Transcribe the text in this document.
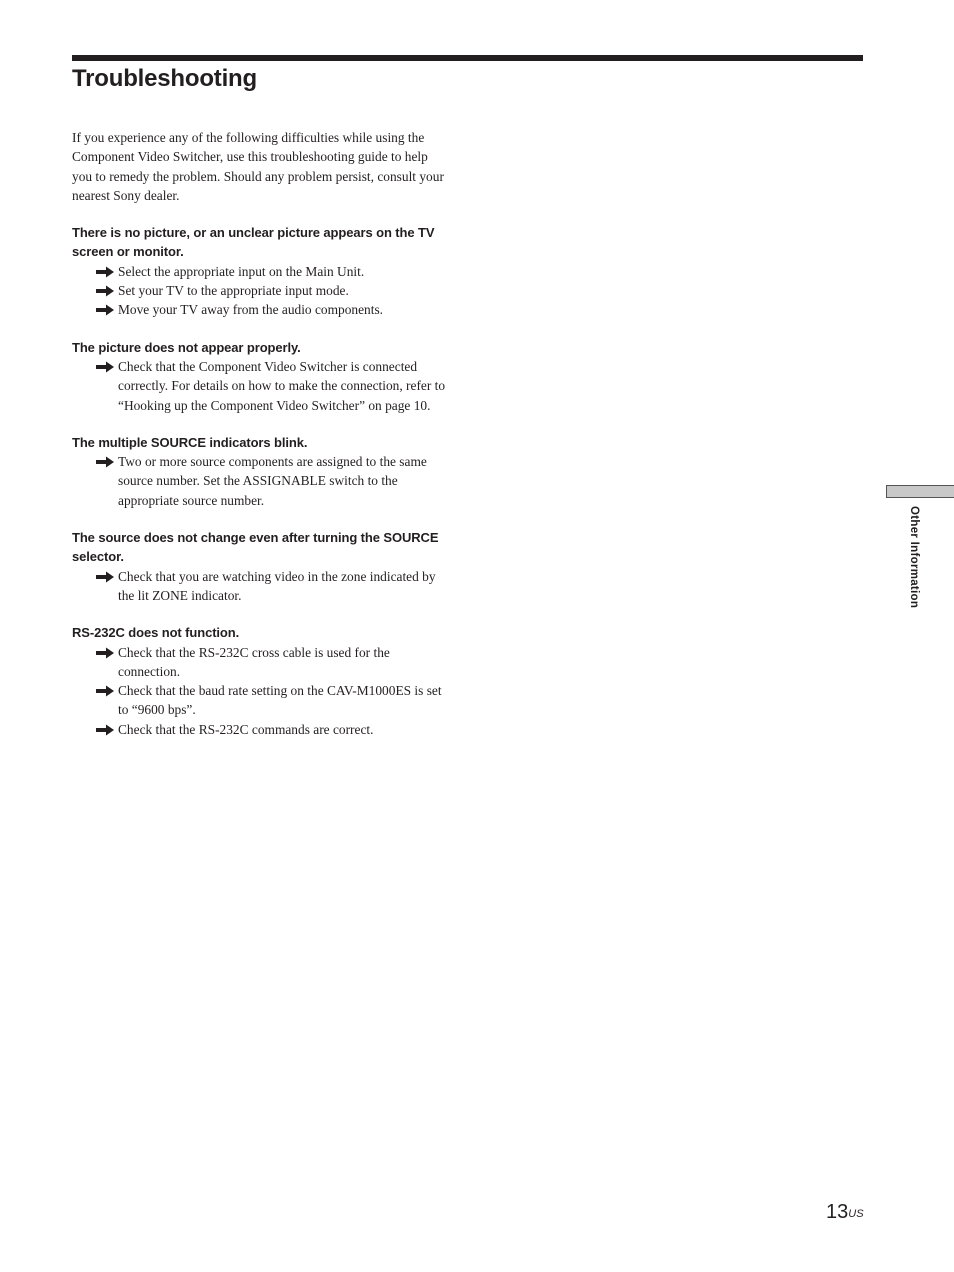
Troubleshooting

If you experience any of the following difficulties while using the Component Video Switcher, use this troubleshooting guide to help you to remedy the problem. Should any problem persist, consult your nearest Sony dealer.

There is no picture, or an unclear picture appears on the TV screen or monitor.

Select the appropriate input on the Main Unit.
Set your TV to the appropriate input mode.
Move your TV away from the audio components.

The picture does not appear properly.

Check that the Component Video Switcher is connected correctly. For details on how to make the connection, refer to “Hooking up the Component Video Switcher” on page 10.

The multiple SOURCE indicators blink.

Two or more source components are assigned to the same source number. Set the ASSIGNABLE switch to the appropriate source number.

The source does not change even after turning the SOURCE selector.

Check that you are watching video in the zone indicated by the lit ZONE indicator.

RS-232C does not function.

Check that the RS-232C cross cable is used for the connection.
Check that the baud rate setting on the CAV-M1000ES is set to “9600 bps”.
Check that the RS-232C commands are correct.
Other Information
$13^{US}$
